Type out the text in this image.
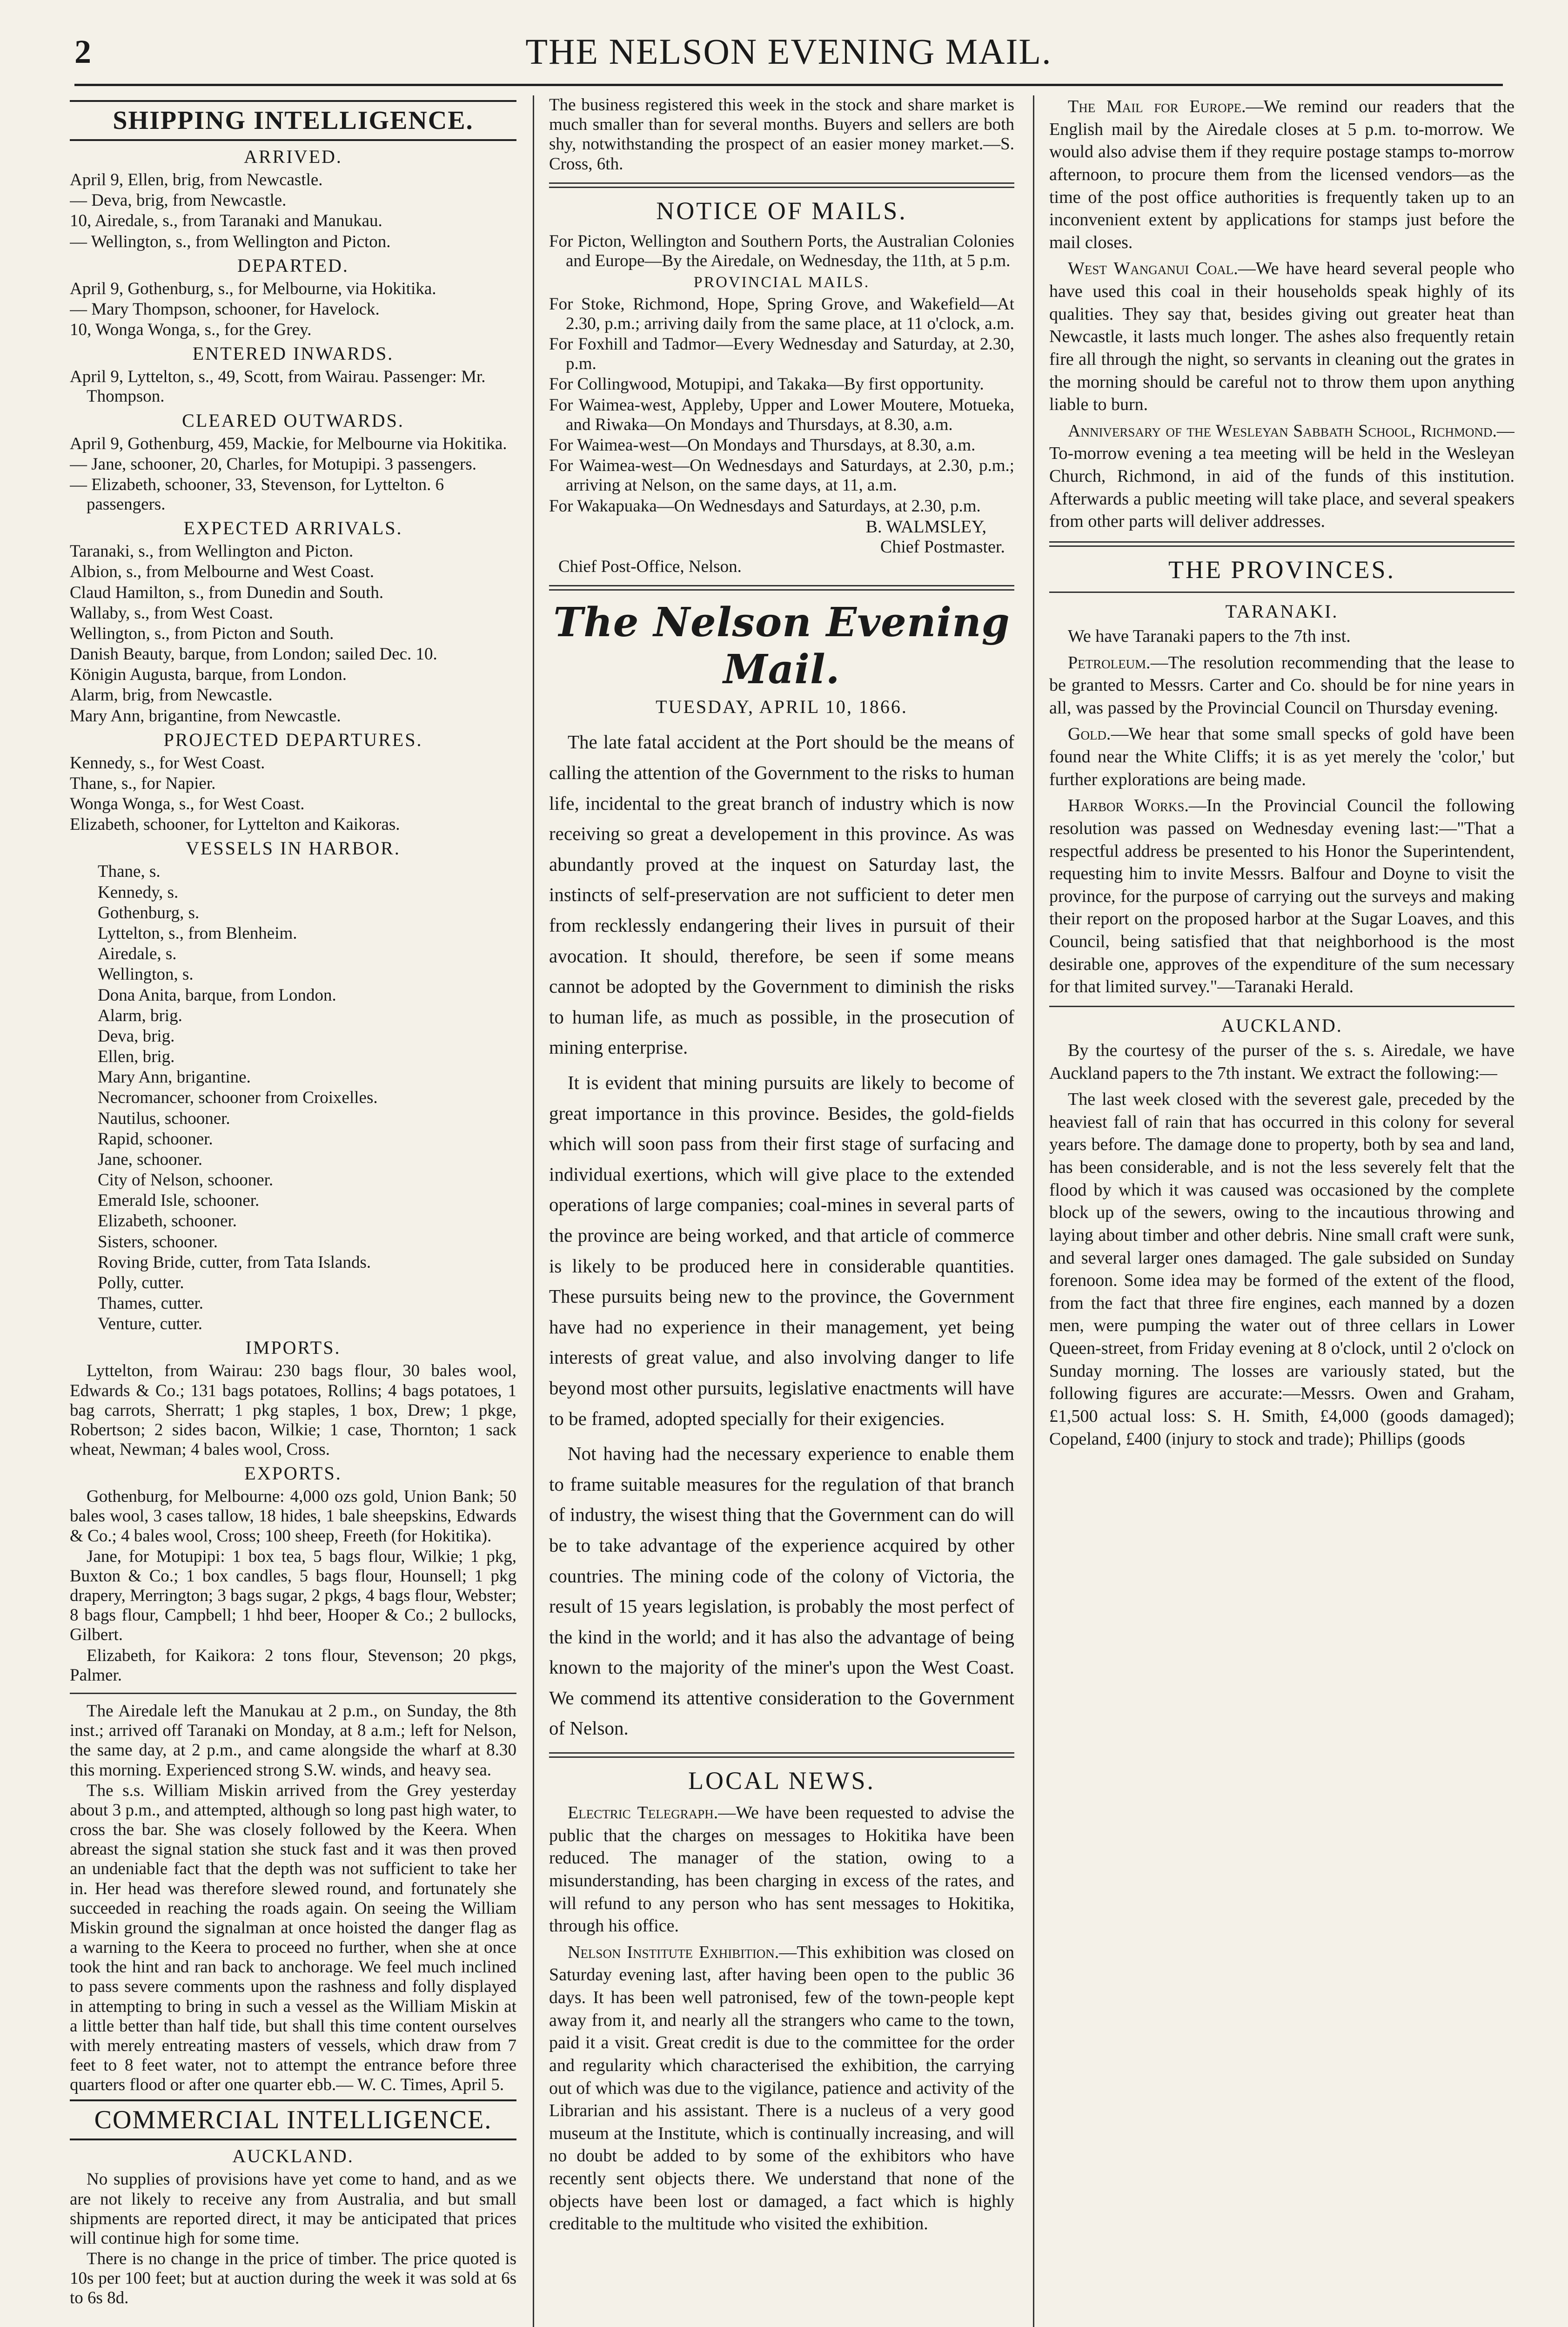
2	THE NELSON EVENING MAIL.
SHIPPING INTELLIGENCE.
ARRIVED.

April 9, Ellen, brig, from Newcastle.

— Deva, brig, from Newcastle.

10, Airedale, s., from Taranaki and Manukau.

— Wellington, s., from Wellington and Picton.

DEPARTED.

April 9, Gothenburg, s., for Melbourne, via Hokitika.

— Mary Thompson, schooner, for Havelock.

10, Wonga Wonga, s., for the Grey.

ENTERED INWARDS.

April 9, Lyttelton, s., 49, Scott, from Wairau. Passenger: Mr. Thompson.

CLEARED OUTWARDS.

April 9, Gothenburg, 459, Mackie, for Melbourne via Hokitika.

— Jane, schooner, 20, Charles, for Motupipi. 3 passengers.

— Elizabeth, schooner, 33, Stevenson, for Lyttelton. 6 passengers.

EXPECTED ARRIVALS.

Taranaki, s., from Wellington and Picton.

Albion, s., from Melbourne and West Coast.

Claud Hamilton, s., from Dunedin and South.

Wallaby, s., from West Coast.

Wellington, s., from Picton and South.

Danish Beauty, barque, from London; sailed Dec. 10.

Königin Augusta, barque, from London.

Alarm, brig, from Newcastle.

Mary Ann, brigantine, from Newcastle.

PROJECTED DEPARTURES.

Kennedy, s., for West Coast.

Thane, s., for Napier.

Wonga Wonga, s., for West Coast.

Elizabeth, schooner, for Lyttelton and Kaikoras.

VESSELS IN HARBOR.

Thane, s.

Kennedy, s.

Gothenburg, s.

Lyttelton, s., from Blenheim.

Airedale, s.

Wellington, s.

Dona Anita, barque, from London.

Alarm, brig.

Deva, brig.

Ellen, brig.

Mary Ann, brigantine.

Necromancer, schooner from Croixelles.

Nautilus, schooner.

Rapid, schooner.

Jane, schooner.

City of Nelson, schooner.

Emerald Isle, schooner.

Elizabeth, schooner.

Sisters, schooner.

Roving Bride, cutter, from Tata Islands.

Polly, cutter.

Thames, cutter.

Venture, cutter.

IMPORTS.

Lyttelton, from Wairau: 230 bags flour, 30 bales wool, Edwards & Co.; 131 bags potatoes, Rollins; 4 bags potatoes, 1 bag carrots, Sherratt; 1 pkg staples, 1 box, Drew; 1 pkge, Robertson; 2 sides bacon, Wilkie; 1 case, Thornton; 1 sack wheat, Newman; 4 bales wool, Cross.

EXPORTS.

Gothenburg, for Melbourne: 4,000 ozs gold, Union Bank; 50 bales wool, 3 cases tallow, 18 hides, 1 bale sheepskins, Edwards & Co.; 4 bales wool, Cross; 100 sheep, Freeth (for Hokitika).

Jane, for Motupipi: 1 box tea, 5 bags flour, Wilkie; 1 pkg, Buxton & Co.; 1 box candles, 5 bags flour, Hounsell; 1 pkg drapery, Merrington; 3 bags sugar, 2 pkgs, 4 bags flour, Webster; 8 bags flour, Campbell; 1 hhd beer, Hooper & Co.; 2 bullocks, Gilbert.

Elizabeth, for Kaikora: 2 tons flour, Stevenson; 20 pkgs, Palmer.

The Airedale left the Manukau at 2 p.m., on Sunday, the 8th inst.; arrived off Taranaki on Monday, at 8 a.m.; left for Nelson, the same day, at 2 p.m., and came alongside the wharf at 8.30 this morning. Experienced strong S.W. winds, and heavy sea.

The s.s. William Miskin arrived from the Grey yesterday about 3 p.m., and attempted, although so long past high water, to cross the bar. She was closely followed by the Keera. When abreast the signal station she stuck fast and it was then proved an undeniable fact that the depth was not sufficient to take her in. Her head was therefore slewed round, and fortunately she succeeded in reaching the roads again. On seeing the William Miskin ground the signalman at once hoisted the danger flag as a warning to the Keera to proceed no further, when she at once took the hint and ran back to anchorage. We feel much inclined to pass severe comments upon the rashness and folly displayed in attempting to bring in such a vessel as the William Miskin at a little better than half tide, but shall this time content ourselves with merely entreating masters of vessels, which draw from 7 feet to 8 feet water, not to attempt the entrance before three quarters flood or after one quarter ebb.— W. C. Times, April 5.

COMMERCIAL INTELLIGENCE.
AUCKLAND.

No supplies of provisions have yet come to hand, and as we are not likely to receive any from Australia, and but small shipments are reported direct, it may be anticipated that prices will continue high for some time.

There is no change in the price of timber. The price quoted is 10s per 100 feet; but at auction during the week it was sold at 6s to 6s 8d.

The business registered this week in the stock and share market is much smaller than for several months. Buyers and sellers are both shy, notwithstanding the prospect of an easier money market.—S. Cross, 6th.

NOTICE OF MAILS.

For Picton, Wellington and Southern Ports, the Australian Colonies and Europe—By the Airedale, on Wednesday, the 11th, at 5 p.m.

PROVINCIAL MAILS.

For Stoke, Richmond, Hope, Spring Grove, and Wakefield—At 2.30, p.m.; arriving daily from the same place, at 11 o'clock, a.m.

For Foxhill and Tadmor—Every Wednesday and Saturday, at 2.30, p.m.

For Collingwood, Motupipi, and Takaka—By first opportunity.

For Waimea-west, Appleby, Upper and Lower Moutere, Motueka, and Riwaka—On Mondays and Thursdays, at 8.30, a.m.

For Waimea-west—On Mondays and Thursdays, at 8.30, a.m.

For Waimea-west—On Wednesdays and Saturdays, at 2.30, p.m.; arriving at Nelson, on the same days, at 11, a.m.

For Wakapuaka—On Wednesdays and Saturdays, at 2.30, p.m.

B. WALMSLEY,
Chief Postmaster.

Chief Post-Office, Nelson.

The Nelson Evening Mail.
TUESDAY, APRIL 10, 1866.

The late fatal accident at the Port should be the means of calling the attention of the Government to the risks to human life, incidental to the great branch of industry which is now receiving so great a developement in this province. As was abundantly proved at the inquest on Saturday last, the instincts of self-preservation are not sufficient to deter men from recklessly endangering their lives in pursuit of their avocation. It should, therefore, be seen if some means cannot be adopted by the Government to diminish the risks to human life, as much as possible, in the prosecution of mining enterprise.

It is evident that mining pursuits are likely to become of great importance in this province. Besides, the gold-fields which will soon pass from their first stage of surfacing and individual exertions, which will give place to the extended operations of large companies; coal-mines in several parts of the province are being worked, and that article of commerce is likely to be produced here in considerable quantities. These pursuits being new to the province, the Government have had no experience in their management, yet being interests of great value, and also involving danger to life beyond most other pursuits, legislative enactments will have to be framed, adopted specially for their exigencies.

Not having had the necessary experience to enable them to frame suitable measures for the regulation of that branch of industry, the wisest thing that the Government can do will be to take advantage of the experience acquired by other countries. The mining code of the colony of Victoria, the result of 15 years legislation, is probably the most perfect of the kind in the world; and it has also the advantage of being known to the majority of the miner's upon the West Coast. We commend its attentive consideration to the Government of Nelson.

LOCAL NEWS.

Electric Telegraph.—We have been requested to advise the public that the charges on messages to Hokitika have been reduced. The manager of the station, owing to a misunderstanding, has been charging in excess of the rates, and will refund to any person who has sent messages to Hokitika, through his office.

Nelson Institute Exhibition.—This exhibition was closed on Saturday evening last, after having been open to the public 36 days. It has been well patronised, few of the town-people kept away from it, and nearly all the strangers who came to the town, paid it a visit. Great credit is due to the committee for the order and regularity which characterised the exhibition, the carrying out of which was due to the vigilance, patience and activity of the Librarian and his assistant. There is a nucleus of a very good museum at the Institute, which is continually increasing, and will no doubt be added to by some of the exhibitors who have recently sent objects there. We understand that none of the objects have been lost or damaged, a fact which is highly creditable to the multitude who visited the exhibition.

The Mail for Europe.—We remind our readers that the English mail by the Airedale closes at 5 p.m. to-morrow. We would also advise them if they require postage stamps to-morrow afternoon, to procure them from the licensed vendors—as the time of the post office authorities is frequently taken up to an inconvenient extent by applications for stamps just before the mail closes.

West Wanganui Coal.—We have heard several people who have used this coal in their households speak highly of its qualities. They say that, besides giving out greater heat than Newcastle, it lasts much longer. The ashes also frequently retain fire all through the night, so servants in cleaning out the grates in the morning should be careful not to throw them upon anything liable to burn.

Anniversary of the Wesleyan Sabbath School, Richmond.—To-morrow evening a tea meeting will be held in the Wesleyan Church, Richmond, in aid of the funds of this institution. Afterwards a public meeting will take place, and several speakers from other parts will deliver addresses.

THE PROVINCES.
TARANAKI.

We have Taranaki papers to the 7th inst.

Petroleum.—The resolution recommending that the lease to be granted to Messrs. Carter and Co. should be for nine years in all, was passed by the Provincial Council on Thursday evening.

Gold.—We hear that some small specks of gold have been found near the White Cliffs; it is as yet merely the 'color,' but further explorations are being made.

Harbor Works.—In the Provincial Council the following resolution was passed on Wednesday evening last:—"That a respectful address be presented to his Honor the Superintendent, requesting him to invite Messrs. Balfour and Doyne to visit the province, for the purpose of carrying out the surveys and making their report on the proposed harbor at the Sugar Loaves, and this Council, being satisfied that that neighborhood is the most desirable one, approves of the expenditure of the sum necessary for that limited survey."—Taranaki Herald.

AUCKLAND.

By the courtesy of the purser of the s. s. Airedale, we have Auckland papers to the 7th instant. We extract the following:—

The last week closed with the severest gale, preceded by the heaviest fall of rain that has occurred in this colony for several years before. The damage done to property, both by sea and land, has been considerable, and is not the less severely felt that the flood by which it was caused was occasioned by the complete block up of the sewers, owing to the incautious throwing and laying about timber and other debris. Nine small craft were sunk, and several larger ones damaged. The gale subsided on Sunday forenoon. Some idea may be formed of the extent of the flood, from the fact that three fire engines, each manned by a dozen men, were pumping the water out of three cellars in Lower Queen-street, from Friday evening at 8 o'clock, until 2 o'clock on Sunday morning. The losses are variously stated, but the following figures are accurate:—Messrs. Owen and Graham, £1,500 actual loss: S. H. Smith, £4,000 (goods damaged); Copeland, £400 (injury to stock and trade); Phillips (goods
